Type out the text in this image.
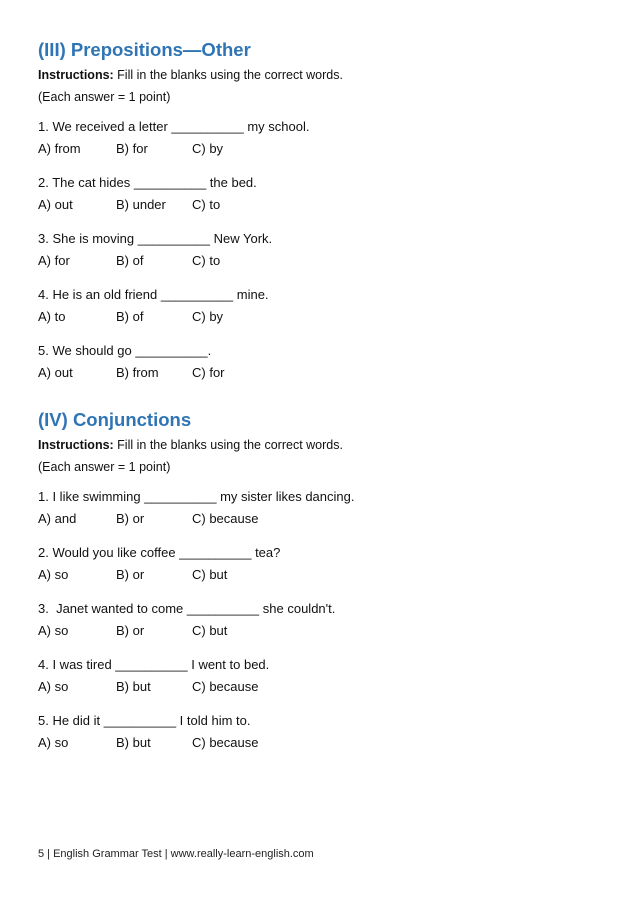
(III) Prepositions—Other
Instructions: Fill in the blanks using the correct words.
(Each answer = 1 point)
1. We received a letter __________ my school.
A) from	B) for	C) by
2. The cat hides __________ the bed.
A) out	B) under C) to
3. She is moving __________ New York.
A) for	B) of	C) to
4. He is an old friend __________ mine.
A) to	B) of	C) by
5. We should go __________.
A) out	B) from	C) for
(IV) Conjunctions
Instructions: Fill in the blanks using the correct words.
(Each answer = 1 point)
1. I like swimming __________ my sister likes dancing.
A) and	B) or	C) because
2. Would you like coffee __________ tea?
A) so	B) or	C) but
3.  Janet wanted to come __________ she couldn't.
A) so	B) or	C) but
4. I was tired __________ I went to bed.
A) so	B) but	C) because
5. He did it __________ I told him to.
A) so	B) but	C) because
5 | English Grammar Test | www.really-learn-english.com
